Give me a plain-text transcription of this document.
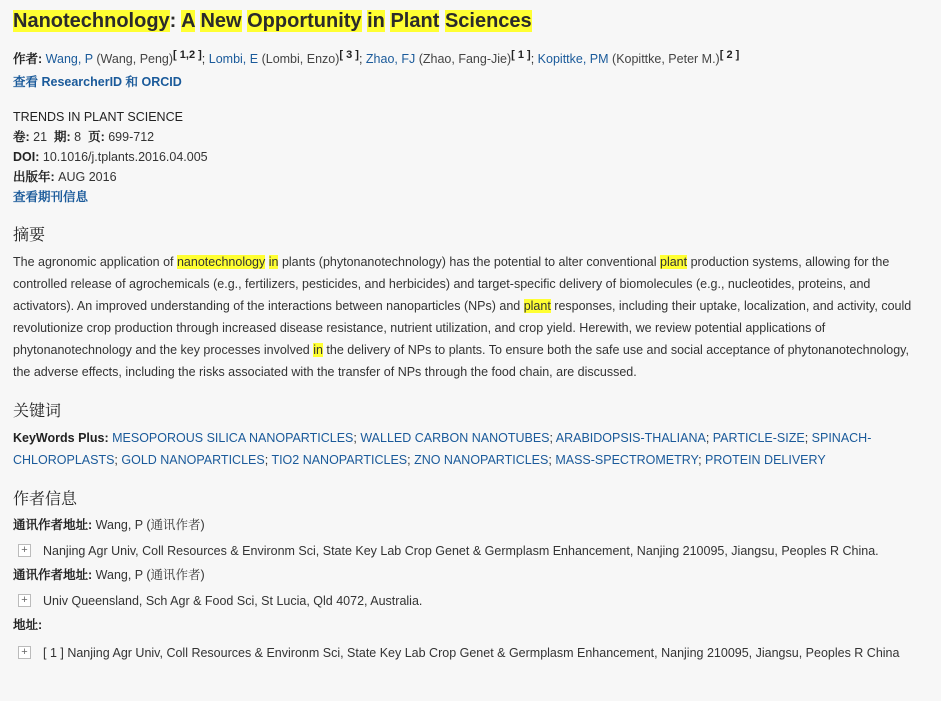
Nanotechnology: A New Opportunity in Plant Sciences
作者: Wang, P (Wang, Peng)[ 1,2 ]; Lombi, E (Lombi, Enzo)[ 3 ]; Zhao, FJ (Zhao, Fang-Jie)[ 1 ]; Kopittke, PM (Kopittke, Peter M.)[ 2 ]
查看 ResearcherID 和 ORCID
TRENDS IN PLANT SCIENCE
卷: 21 期: 8 页: 699-712
DOI: 10.1016/j.tplants.2016.04.005
出版年: AUG 2016
查看期刊信息
摘要

The agronomic application of nanotechnology in plants (phytonanotechnology) has the potential to alter conventional plant production systems, allowing for the controlled release of agrochemicals (e.g., fertilizers, pesticides, and herbicides) and target-specific delivery of biomolecules (e.g., nucleotides, proteins, and activators). An improved understanding of the interactions between nanoparticles (NPs) and plant responses, including their uptake, localization, and activity, could revolutionize crop production through increased disease resistance, nutrient utilization, and crop yield. Herewith, we review potential applications of phytonanotechnology and the key processes involved in the delivery of NPs to plants. To ensure both the safe use and social acceptance of phytonanotechnology, the adverse effects, including the risks associated with the transfer of NPs through the food chain, are discussed.

关键词
KeyWords Plus: MESOPOROUS SILICA NANOPARTICLES; WALLED CARBON NANOTUBES; ARABIDOPSIS-THALIANA; PARTICLE-SIZE; SPINACH-CHLOROPLASTS; GOLD NANOPARTICLES; TIO2 NANOPARTICLES; ZNO NANOPARTICLES; MASS-SPECTROMETRY; PROTEIN DELIVERY
作者信息
通讯作者地址: Wang, P (通讯作者)
+ Nanjing Agr Univ, Coll Resources & Environm Sci, State Key Lab Crop Genet & Germplasm Enhancement, Nanjing 210095, Jiangsu, Peoples R China.
通讯作者地址: Wang, P (通讯作者)
+ Univ Queensland, Sch Agr & Food Sci, St Lucia, Qld 4072, Australia.
地址:
+ [ 1 ] Nanjing Agr Univ, Coll Resources & Environm Sci, State Key Lab Crop Genet & Germplasm Enhancement, Nanjing 210095, Jiangsu, Peoples R China
